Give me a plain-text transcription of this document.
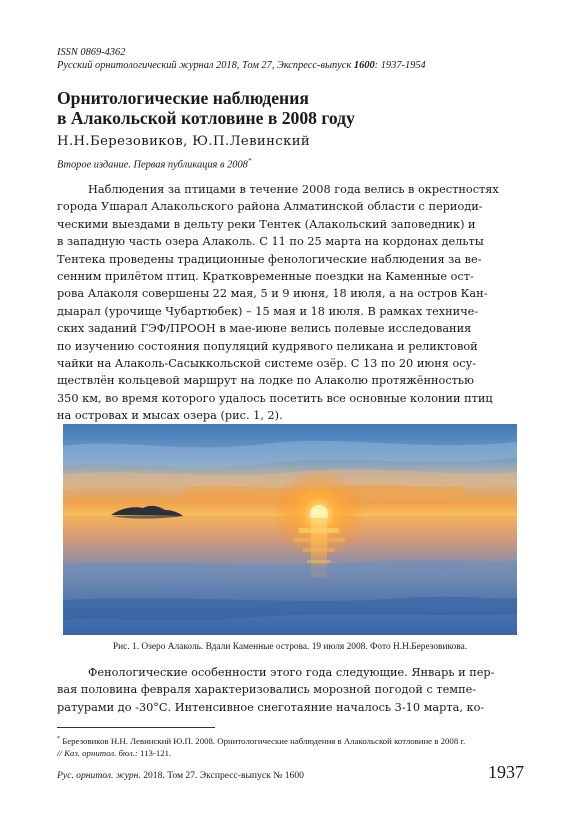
ISSN 0869-4362
Русский орнитологический журнал 2018, Том 27, Экспресс-выпуск 1600: 1937-1954
Орнитологические наблюдения
в Алакольской котловине в 2008 году
Н.Н.Березовиков, Ю.П.Левинский
Второе издание. Первая публикация в 2008*
Наблюдения за птицами в течение 2008 года велись в окрестностях
города Ушарал Алакольского района Алматинской области с периоди-
ческими выездами в дельту реки Тентек (Алакольский заповедник) и
в западную часть озера Алаколь. С 11 по 25 марта на кордонах дельты
Тентека проведены традиционные фенологические наблюдения за ве-
сенним прилётом птиц. Кратковременные поездки на Каменные ост-
рова Алаколя совершены 22 мая, 5 и 9 июня, 18 июля, а на остров Кан-
дыарал (урочище Чубартюбек) – 15 мая и 18 июля. В рамках техниче-
ских заданий ГЭФ/ПРООН в мае-июне велись полевые исследования
по изучению состояния популяций кудрявого пеликана и реликтовой
чайки на Алаколь-Сасыккольской системе озёр. С 13 по 20 июня осу-
ществлён кольцевой маршрут на лодке по Алаколю протяжённостью
350 км, во время которого удалось посетить все основные колонии птиц
на островах и мысах озера (рис. 1, 2).
Рис. 1. Озеро Алаколь. Вдали Каменные острова. 19 июля 2008. Фото Н.Н.Березовикова.
Фенологические особенности этого года следующие. Январь и пер-
вая половина февраля характеризовались морозной погодой с темпе-
ратурами до -30°С. Интенсивное снеготаяние началось 3-10 марта, ко-
* Березовиков Н.Н. Левинский Ю.П. 2008. Орнитологические наблюдения в Алакольской котловине в 2008 г.
// Каз. орнитол. бюл.: 113-121.
Рус. орнитол. журн. 2018. Том 27. Экспресс-выпуск № 1600	1937
